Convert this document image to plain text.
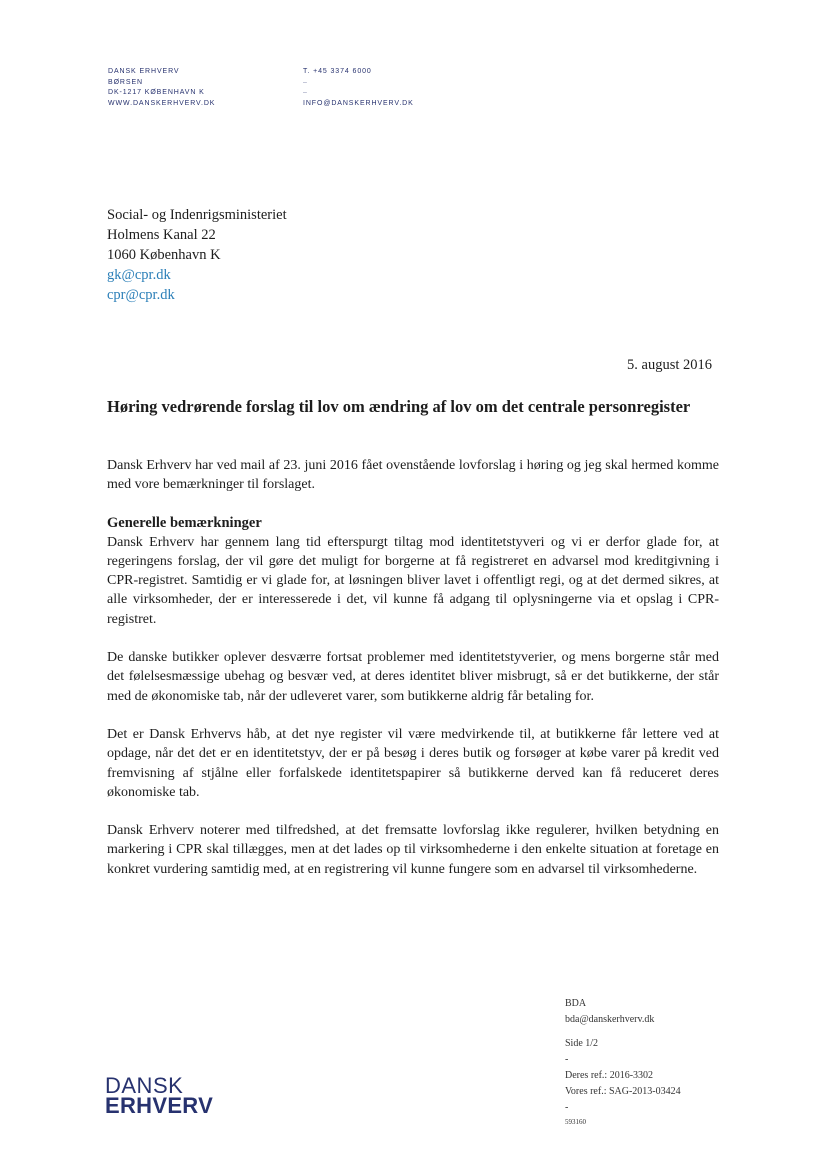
DANSK ERHVERV
BØRSEN
DK-1217 KØBENHAVN K
WWW.DANSKERHVERV.DK
T. +45 3374 6000
–
–
INFO@DANSKERHVERV.DK
Social- og Indenrigsministeriet
Holmens Kanal 22
1060 København K
gk@cpr.dk
cpr@cpr.dk
5. august 2016
Høring vedrørende forslag til lov om ændring af lov om det centrale personregister

Dansk Erhverv har ved mail af 23. juni 2016 fået ovenstående lovforslag i høring og jeg skal hermed komme med vore bemærkninger til forslaget.

Generelle bemærkninger

Dansk Erhverv har gennem lang tid efterspurgt tiltag mod identitetstyveri og vi er derfor glade for, at regeringens forslag, der vil gøre det muligt for borgerne at få registreret en advarsel mod kreditgivning i CPR-registret. Samtidig er vi glade for, at løsningen bliver lavet i offentligt regi, og at det dermed sikres, at alle virksomheder, der er interesserede i det, vil kunne få adgang til oplysningerne via et opslag i CPR-registret.

De danske butikker oplever desværre fortsat problemer med identitetstyverier, og mens borgerne står med det følelsesmæssige ubehag og besvær ved, at deres identitet bliver misbrugt, så er det butikkerne, der står med de økonomiske tab, når der udleveret varer, som butikkerne aldrig får betaling for.

Det er Dansk Erhvervs håb, at det nye register vil være medvirkende til, at butikkerne får lettere ved at opdage, når det det er en identitetstyv, der er på besøg i deres butik og forsøger at købe varer på kredit ved fremvisning af stjålne eller forfalskede identitetspapirer så butikkerne derved kan få reduceret deres økonomiske tab.

Dansk Erhverv noterer med tilfredshed, at det fremsatte lovforslag ikke regulerer, hvilken betydning en markering i CPR skal tillægges, men at det lades op til virksomhederne i den enkelte situation at foretage en konkret vurdering samtidig med, at en registrering vil kunne fungere som en advarsel til virksomhederne.

BDA
bda@danskerhverv.dk
Side 1/2
-
Deres ref.: 2016-3302
Vores ref.: SAG-2013-03424
-
593160
DANSK
ERHVERV
